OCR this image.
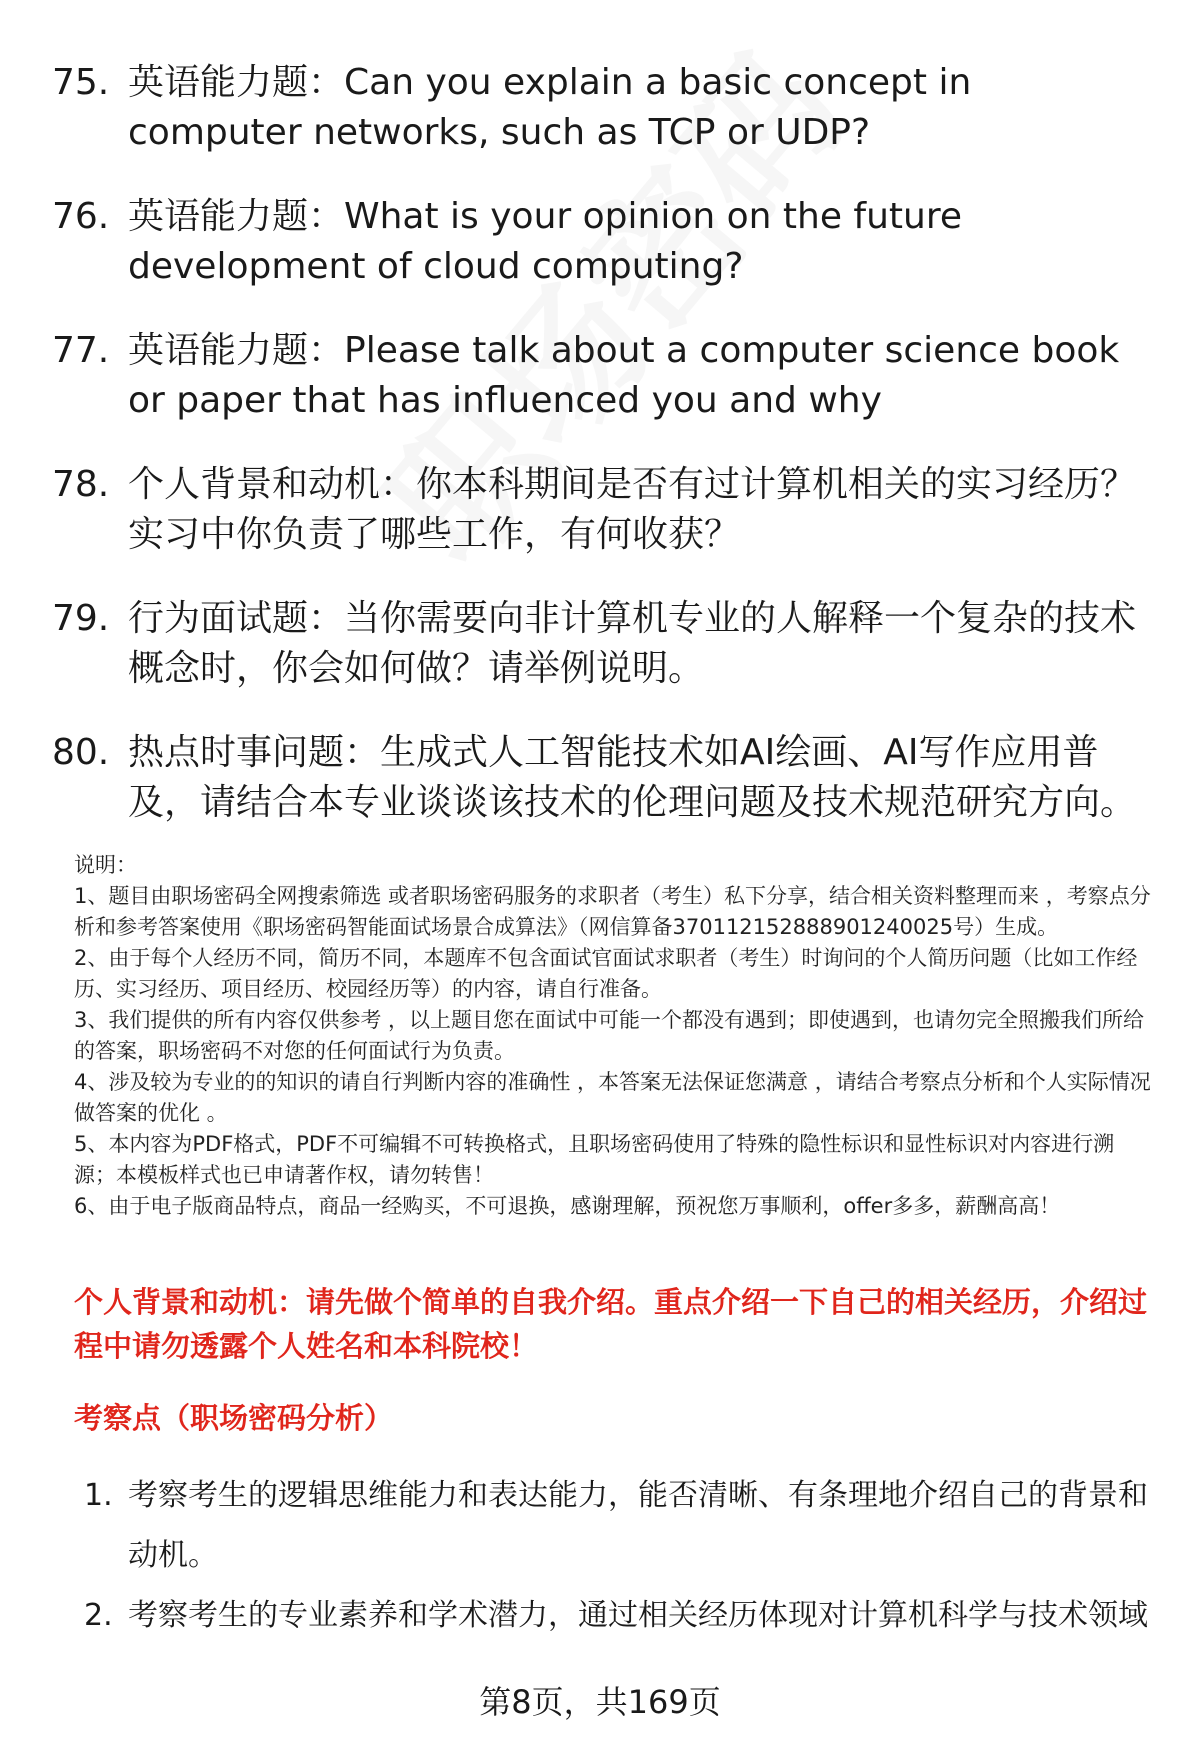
75. 英语能力题：Can you explain a basic concept in computer networks, such as TCP or UDP?
76. 英语能力题：What is your opinion on the future development of cloud computing?
77. 英语能力题：Please talk about a computer science book or paper that has influenced you and why
78. 个人背景和动机：你本科期间是否有过计算机相关的实习经历？实习中你负责了哪些工作，有何收获？
79. 行为面试题：当你需要向非计算机专业的人解释一个复杂的技术概念时，你会如何做？请举例说明。
80. 热点时事问题：生成式人工智能技术如AI绘画、AI写作应用普及，请结合本专业谈谈该技术的伦理问题及技术规范研究方向。

说明：

1、题目由职场密码全网搜索筛选 或者职场密码服务的求职者（考生）私下分享，结合相关资料整理而来 ，考察点分析和参考答案使用《职场密码智能面试场景合成算法》（网信算备370112152888901240025号）生成。

2、由于每个人经历不同，简历不同，本题库不包含面试官面试求职者（考生）时询问的个人简历问题（比如工作经历、实习经历、项目经历、校园经历等）的内容，请自行准备。

3、我们提供的所有内容仅供参考 ，以上题目您在面试中可能一个都没有遇到；即使遇到，也请勿完全照搬我们所给的答案，职场密码不对您的任何面试行为负责。

4、涉及较为专业的的知识的请自行判断内容的准确性 ，本答案无法保证您满意 ，请结合考察点分析和个人实际情况做答案的优化 。

5、本内容为PDF格式，PDF不可编辑不可转换格式，且职场密码使用了特殊的隐性标识和显性标识对内容进行溯源；本模板样式也已申请著作权，请勿转售！

6、由于电子版商品特点，商品一经购买，不可退换，感谢理解，预祝您万事顺利，offer多多，薪酬高高！

个人背景和动机：请先做个简单的自我介绍。重点介绍一下自己的相关经历，介绍过程中请勿透露个人姓名和本科院校！
考察点（职场密码分析）
1. 考察考生的逻辑思维能力和表达能力，能否清晰、有条理地介绍自己的背景和动机。
2. 考察考生的专业素养和学术潜力，通过相关经历体现对计算机科学与技术领域
第8页，共169页
